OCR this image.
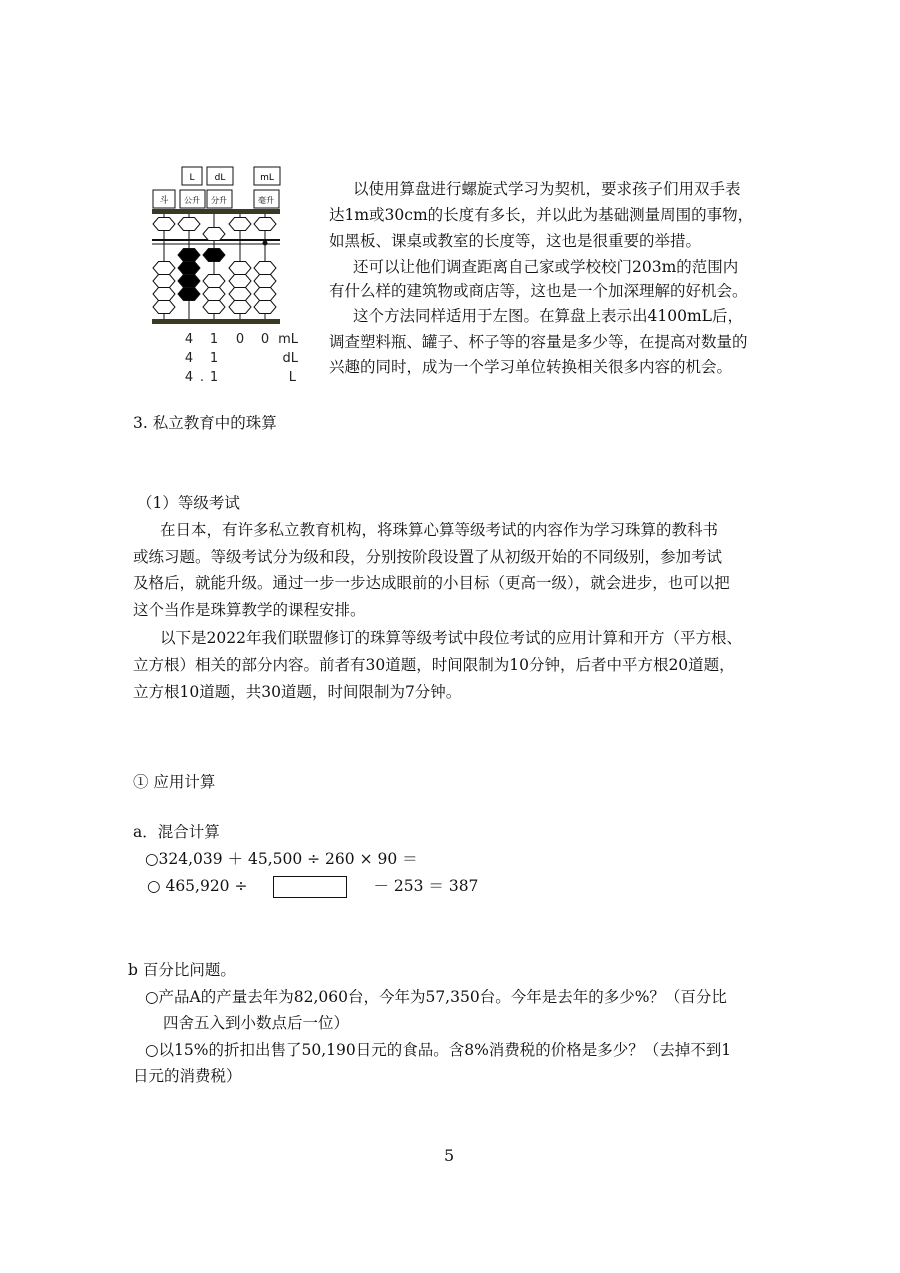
L dL	mL
斗 公升 分升	毫升
4 1 0 0 mL
4 1	dL
4 . 1	L
以使用算盘进行螺旋式学习为契机，要求孩子们用双手表
达1m或30cm的长度有多长，并以此为基础测量周围的事物，
如黑板、课桌或教室的长度等，这也是很重要的举措。
还可以让他们调查距离自己家或学校校门203m的范围内
有什么样的建筑物或商店等，这也是一个加深理解的好机会。
这个方法同样适用于左图。在算盘上表示出4100mL后，
调查塑料瓶、罐子、杯子等的容量是多少等，在提高对数量的
兴趣的同时，成为一个学习单位转换相关很多内容的机会。
3. 私立教育中的珠算
（1）等级考试
在日本，有许多私立教育机构，将珠算心算等级考试的内容作为学习珠算的教科书
或练习题。等级考试分为级和段，分别按阶段设置了从初级开始的不同级别，参加考试
及格后，就能升级。通过一步一步达成眼前的小目标（更高一级），就会进步，也可以把
这个当作是珠算教学的课程安排。
以下是2022年我们联盟修订的珠算等级考试中段位考试的应用计算和开方（平方根、
立方根）相关的部分内容。前者有30道题，时间限制为10分钟，后者中平方根20道题，
立方根10道题，共30道题，时间限制为7分钟。
① 应用计算
a．混合计算
○324,039 ＋ 45,500 ÷ 260 × 90 ＝
○ 465,920 ÷	－ 253 ＝ 387
b 百分比问题。
○产品A的产量去年为82,060台，今年为57,350台。今年是去年的多少%？（百分比
四舍五入到小数点后一位）
○以15%的折扣出售了50,190日元的食品。含8%消费税的价格是多少？（去掉不到1
日元的消费税）
5
